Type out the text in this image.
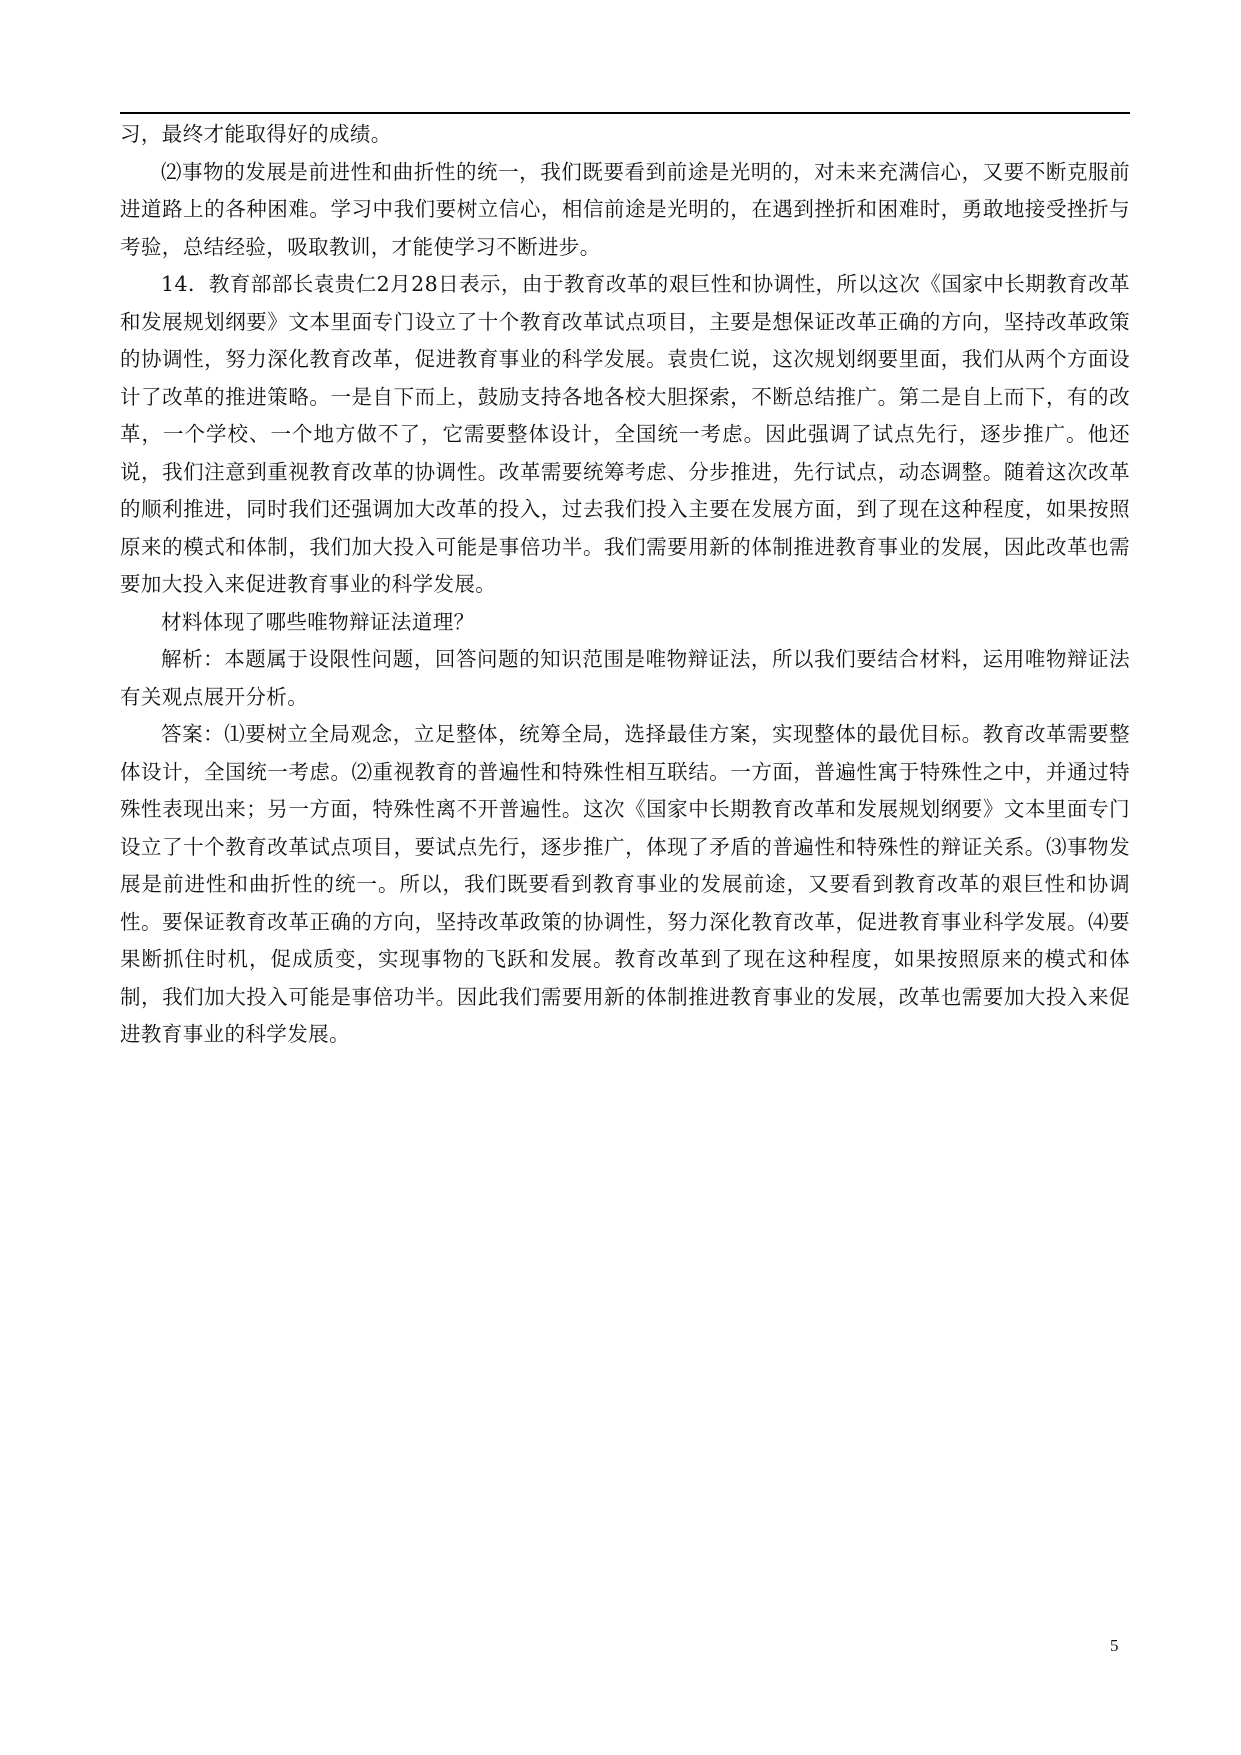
习，最终才能取得好的成绩。

⑵事物的发展是前进性和曲折性的统一，我们既要看到前途是光明的，对未来充满信心，又要不断克服前进道路上的各种困难。学习中我们要树立信心，相信前途是光明的，在遇到挫折和困难时，勇敢地接受挫折与考验，总结经验，吸取教训，才能使学习不断进步。

14．教育部部长袁贵仁2月28日表示，由于教育改革的艰巨性和协调性，所以这次《国家中长期教育改革和发展规划纲要》文本里面专门设立了十个教育改革试点项目，主要是想保证改革正确的方向，坚持改革政策的协调性，努力深化教育改革，促进教育事业的科学发展。袁贵仁说，这次规划纲要里面，我们从两个方面设计了改革的推进策略。一是自下而上，鼓励支持各地各校大胆探索，不断总结推广。第二是自上而下，有的改革，一个学校、一个地方做不了，它需要整体设计，全国统一考虑。因此强调了试点先行，逐步推广。他还说，我们注意到重视教育改革的协调性。改革需要统筹考虑、分步推进，先行试点，动态调整。随着这次改革的顺利推进，同时我们还强调加大改革的投入，过去我们投入主要在发展方面，到了现在这种程度，如果按照原来的模式和体制，我们加大投入可能是事倍功半。我们需要用新的体制推进教育事业的发展，因此改革也需要加大投入来促进教育事业的科学发展。

材料体现了哪些唯物辩证法道理？

解析：本题属于设限性问题，回答问题的知识范围是唯物辩证法，所以我们要结合材料，运用唯物辩证法有关观点展开分析。

答案：⑴要树立全局观念，立足整体，统筹全局，选择最佳方案，实现整体的最优目标。教育改革需要整体设计，全国统一考虑。⑵重视教育的普遍性和特殊性相互联结。一方面，普遍性寓于特殊性之中，并通过特殊性表现出来；另一方面，特殊性离不开普遍性。这次《国家中长期教育改革和发展规划纲要》文本里面专门设立了十个教育改革试点项目，要试点先行，逐步推广，体现了矛盾的普遍性和特殊性的辩证关系。⑶事物发展是前进性和曲折性的统一。所以，我们既要看到教育事业的发展前途，又要看到教育改革的艰巨性和协调性。要保证教育改革正确的方向，坚持改革政策的协调性，努力深化教育改革，促进教育事业科学发展。⑷要果断抓住时机，促成质变，实现事物的飞跃和发展。教育改革到了现在这种程度，如果按照原来的模式和体制，我们加大投入可能是事倍功半。因此我们需要用新的体制推进教育事业的发展，改革也需要加大投入来促进教育事业的科学发展。

5
